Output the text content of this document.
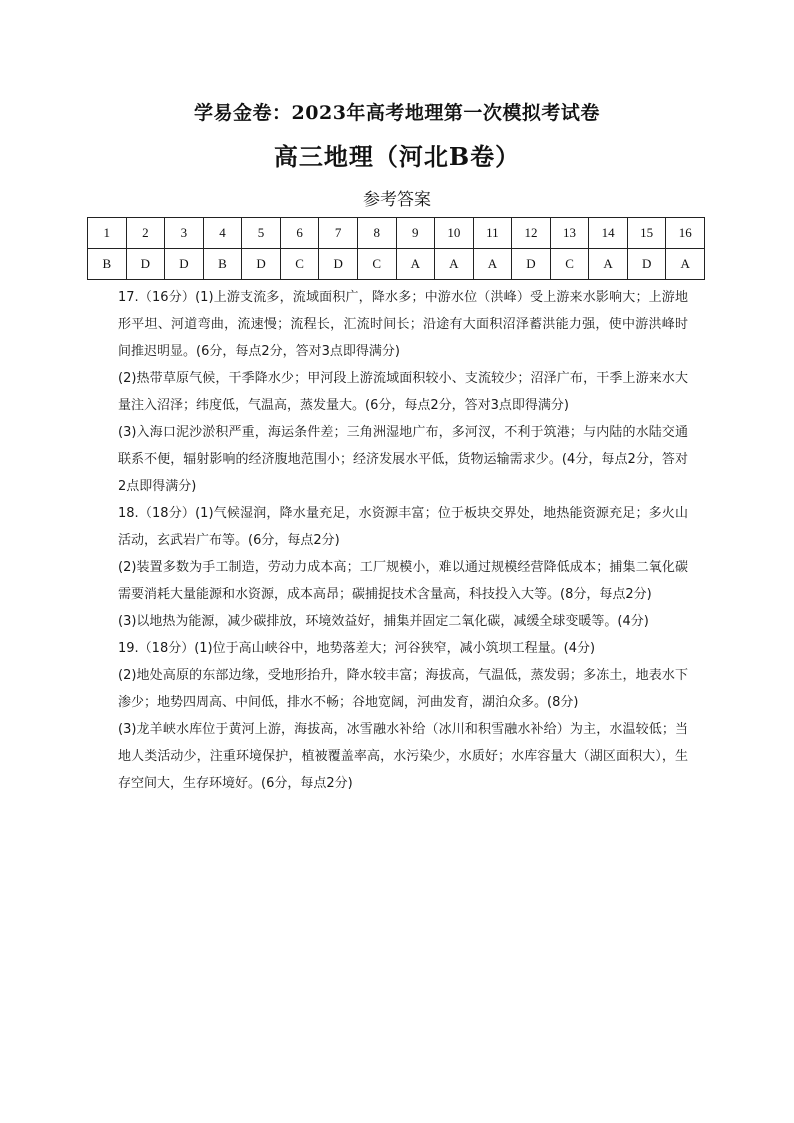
学易金卷：2023年高考地理第一次模拟考试卷
高三地理（河北B卷）
参考答案
1	2	3	4	5	6	7	8	9	10	11	12	13	14	15	16
B	D	D	B	D	C	D	C	A	A	A	D	C	A	D	A

17.（16分）(1)上游支流多，流域面积广，降水多；中游水位（洪峰）受上游来水影响大；上游地形平坦、河道弯曲，流速慢；流程长，汇流时间长；沿途有大面积沼泽蓄洪能力强，使中游洪峰时间推迟明显。(6分，每点2分，答对3点即得满分)

(2)热带草原气候，干季降水少；甲河段上游流域面积较小、支流较少；沼泽广布，干季上游来水大量注入沼泽；纬度低，气温高，蒸发量大。(6分，每点2分，答对3点即得满分)

(3)入海口泥沙淤积严重，海运条件差；三角洲湿地广布，多河汊，不利于筑港；与内陆的水陆交通联系不便，辐射影响的经济腹地范围小；经济发展水平低，货物运输需求少。(4分，每点2分，答对2点即得满分)

18.（18分）(1)气候湿润，降水量充足，水资源丰富；位于板块交界处，地热能资源充足；多火山活动，玄武岩广布等。(6分，每点2分)

(2)装置多数为手工制造，劳动力成本高；工厂规模小，难以通过规模经营降低成本；捕集二氧化碳需要消耗大量能源和水资源，成本高昂；碳捕捉技术含量高，科技投入大等。(8分，每点2分)

(3)以地热为能源，减少碳排放，环境效益好，捕集并固定二氧化碳，减缓全球变暖等。(4分)

19.（18分）(1)位于高山峡谷中，地势落差大；河谷狭窄，减小筑坝工程量。(4分)

(2)地处高原的东部边缘，受地形抬升，降水较丰富；海拔高，气温低，蒸发弱；多冻土，地表水下渗少；地势四周高、中间低，排水不畅；谷地宽阔，河曲发育，湖泊众多。(8分)

(3)龙羊峡水库位于黄河上游，海拔高，冰雪融水补给（冰川和积雪融水补给）为主，水温较低；当地人类活动少，注重环境保护，植被覆盖率高，水污染少，水质好；水库容量大（湖区面积大），生存空间大，生存环境好。(6分，每点2分)
